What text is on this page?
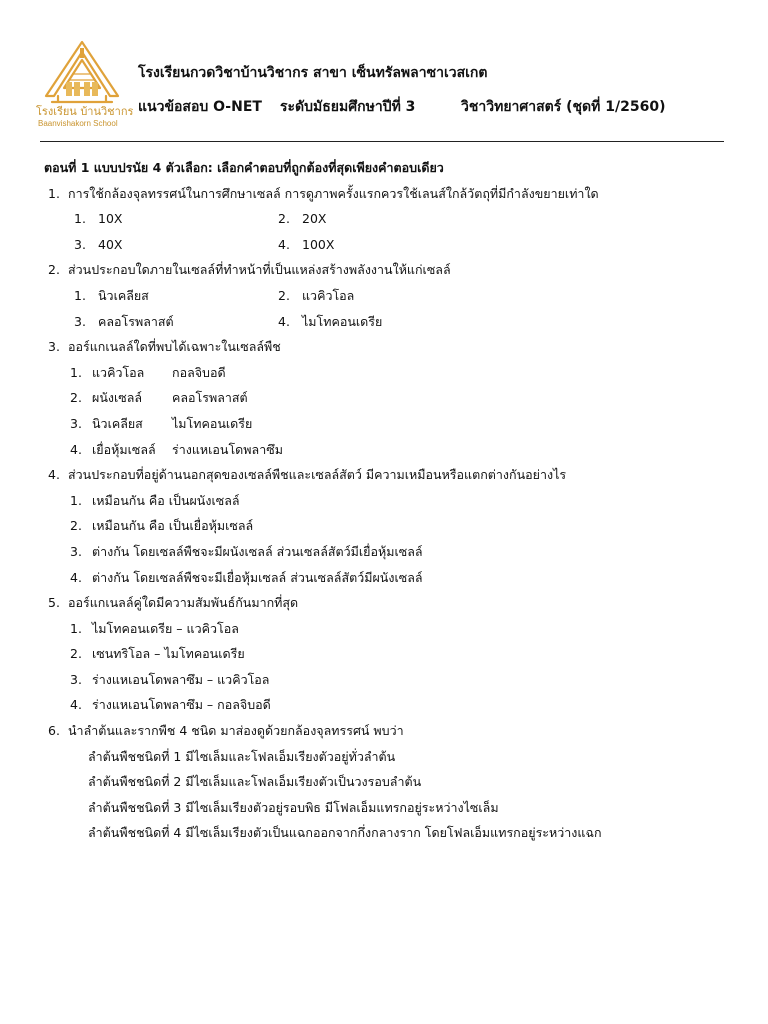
โรงเรียน บ้านวิชากร
Baanvishakorn School
โรงเรียนกวดวิชาบ้านวิชากร สาขา เซ็นทรัลพลาซาเวสเกต
แนวข้อสอบ O-NET ระดับมัธยมศึกษาปีที่ 3	วิชาวิทยาศาสตร์ (ชุดที่ 1/2560)
ตอนที่ 1 แบบปรนัย 4 ตัวเลือก: เลือกคำตอบที่ถูกต้องที่สุดเพียงคำตอบเดียว
1. การใช้กล้องจุลทรรศน์ในการศึกษาเซลล์ การดูภาพครั้งแรกควรใช้เลนส์ใกล้วัตถุที่มีกำลังขยายเท่าใด
1. 10X	2. 20X
3. 40X	4. 100X
2. ส่วนประกอบใดภายในเซลล์ที่ทำหน้าที่เป็นแหล่งสร้างพลังงานให้แก่เซลล์
1. นิวเคลียส	2. แวคิวโอล
3. คลอโรพลาสต์	4. ไมโทคอนเดรีย
3. ออร์แกเนลล์ใดที่พบได้เฉพาะในเซลล์พืช
1. แวคิวโอล กอลจิบอดี
2. ผนังเซลล์ คลอโรพลาสต์
3. นิวเคลียส ไมโทคอนเดรีย
4. เยื่อหุ้มเซลล์ ร่างแหเอนโดพลาซึม
4. ส่วนประกอบที่อยู่ด้านนอกสุดของเซลล์พืชและเซลล์สัตว์ มีความเหมือนหรือแตกต่างกันอย่างไร
1. เหมือนกัน คือ เป็นผนังเซลล์
2. เหมือนกัน คือ เป็นเยื่อหุ้มเซลล์
3. ต่างกัน โดยเซลล์พืชจะมีผนังเซลล์ ส่วนเซลล์สัตว์มีเยื่อหุ้มเซลล์
4. ต่างกัน โดยเซลล์พืชจะมีเยื่อหุ้มเซลล์ ส่วนเซลล์สัตว์มีผนังเซลล์
5. ออร์แกเนลล์คู่ใดมีความสัมพันธ์กันมากที่สุด
1. ไมโทคอนเดรีย – แวคิวโอล
2. เซนทริโอล – ไมโทคอนเดรีย
3. ร่างแหเอนโดพลาซึม – แวคิวโอล
4. ร่างแหเอนโดพลาซึม – กอลจิบอดี
6. นำลำต้นและรากพืช 4 ชนิด มาส่องดูด้วยกล้องจุลทรรศน์ พบว่า
ลำต้นพืชชนิดที่ 1 มีไซเล็มและโฟลเอ็มเรียงตัวอยู่ทั่วลำต้น
ลำต้นพืชชนิดที่ 2 มีไซเล็มและโฟลเอ็มเรียงตัวเป็นวงรอบลำต้น
ลำต้นพืชชนิดที่ 3 มีไซเล็มเรียงตัวอยู่รอบพิธ มีโฟลเอ็มแทรกอยู่ระหว่างไซเล็ม
ลำต้นพืชชนิดที่ 4 มีไซเล็มเรียงตัวเป็นแฉกออกจากกึ่งกลางราก โดยโฟลเอ็มแทรกอยู่ระหว่างแฉก
